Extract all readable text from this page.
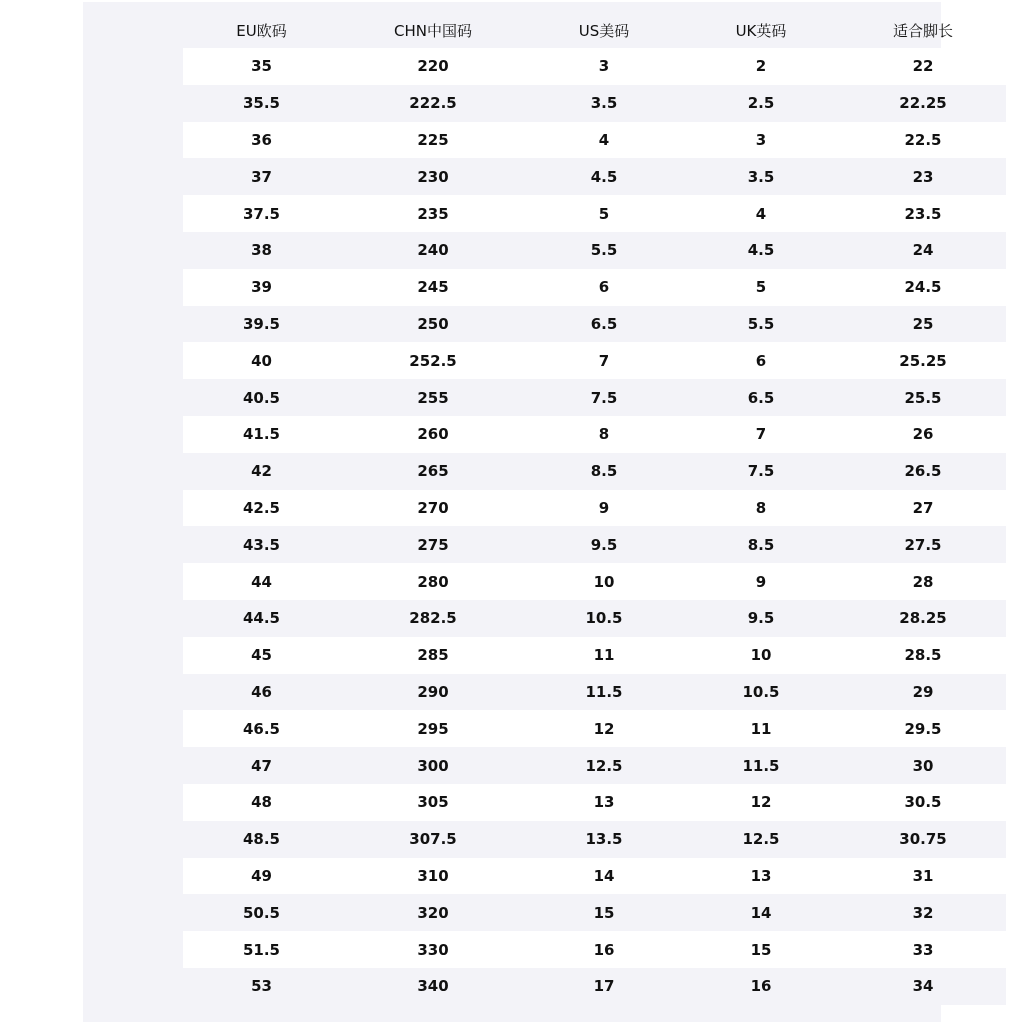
EU欧码	CHN中国码	US美码	UK英码	适合脚长
35	220	3	2	22
35.5	222.5	3.5	2.5	22.25
36	225	4	3	22.5
37	230	4.5	3.5	23
37.5	235	5	4	23.5
38	240	5.5	4.5	24
39	245	6	5	24.5
39.5	250	6.5	5.5	25
40	252.5	7	6	25.25
40.5	255	7.5	6.5	25.5
41.5	260	8	7	26
42	265	8.5	7.5	26.5
42.5	270	9	8	27
43.5	275	9.5	8.5	27.5
44	280	10	9	28
44.5	282.5	10.5	9.5	28.25
45	285	11	10	28.5
46	290	11.5	10.5	29
46.5	295	12	11	29.5
47	300	12.5	11.5	30
48	305	13	12	30.5
48.5	307.5	13.5	12.5	30.75
49	310	14	13	31
50.5	320	15	14	32
51.5	330	16	15	33
53	340	17	16	34
